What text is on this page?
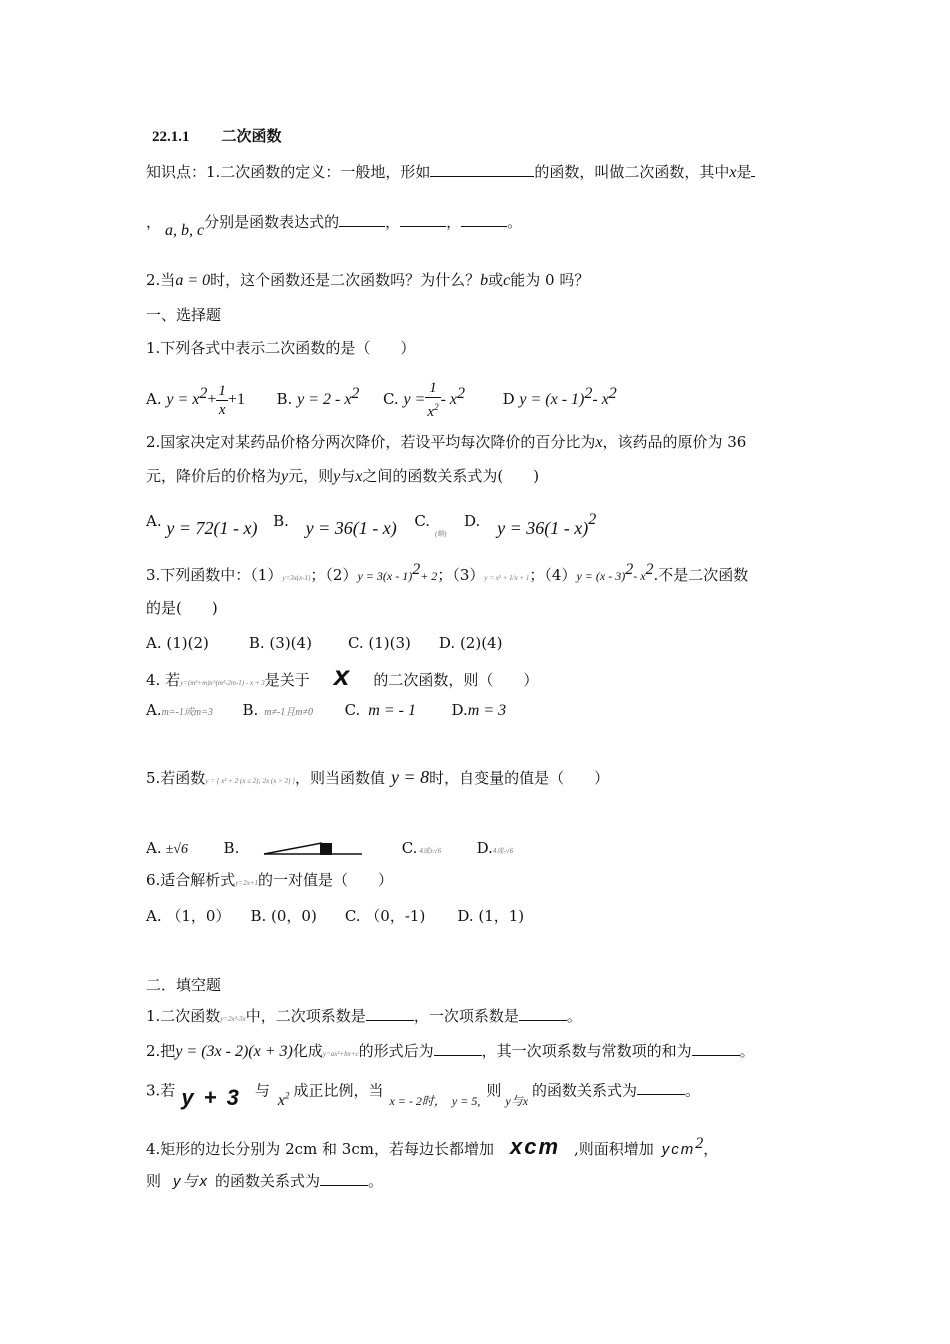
22.1.1 二次函数
知识点：1.二次函数的定义：一般地，形如	的函数，叫做二次函数，其中x是
， a, b, c分别是函数表达式的	，	，	。
2.当a = 0时，这个函数还是二次函数吗？为什么？b或c能为 0 吗？
一、选择题
1.下列各式中表示二次函数的是（　　）
A. $y = x^2+ \frac{1}{x} +1$ B. $y = 2 - x^2$ C. $y = \frac{1}{x^2} - x^2$	D y = (x - 1)$^2$- $x^2$
2.国家决定对某药品价格分两次降价，若设平均每次降价的百分比为x，该药品的原价为 36
元，降价后的价格为y元，则y与x之间的函数关系式为(　　)
A. y = 72(1 - x) B. y = 36(1 - x) C. $_{(略)}$  D. y = 36(1 - x)$^2$
3.下列函数中：（1）y=3x(x-1)；（2）y = 3(x - 1)$^2$+ 2；（3）y = x² + 1/x + 1；（4）y = (x - 3)$^2$- $x^2$.不是二次函数
的是(　　)
A. (1)(2)	B. (3)(4) C. (1)(3) D. (2)(4)
4. 若y=(m²+m)x^(m²-2m-1) - x + 3是关于 x 的二次函数，则（　　）
A.m=-1或m=3 B. m≠-1且m≠0 C. m = - 1 D.m = 3
5.若函数y = { x² + 2 (x ≤ 2); 2x (x > 2) }，则当函数值 y = 8时，自变量的值是（　　）
A. ±√6 B.	C. 4或±√6 D.4或-√6
6.适合解析式y=2x+1的一对值是（　　）
A. （1，0） B. (0，0) C. （0，-1) D. (1，1)
二．填空题
1.二次函数y=2x²-3x中，二次项系数是	，一次项系数是	。
2.把y = (3x - 2)(x + 3)化成y=ax²+bx+c的形式后为	，其一次项系数与常数项的和为	。
3.若 y + 3 与$x^2$ 成正比例，当$_{x = - 2时,}$ $_{y = 5,}$则$_{y与x}$的函数关系式为	。
4.矩形的边长分别为 2cm 和 3cm，若每边长都增加 xcm ,则面积增加 ycm$^2$，
则 y与x 的函数关系式为	。
